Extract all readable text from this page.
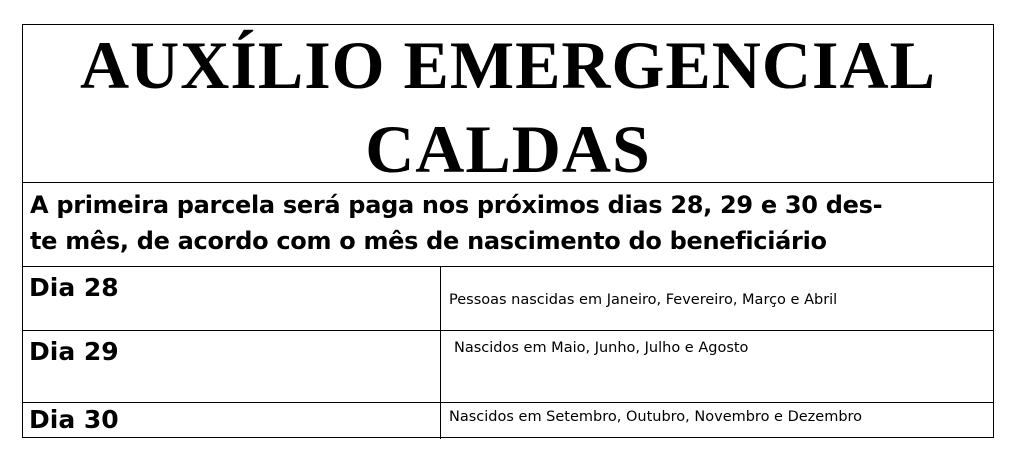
AUXÍLIO EMERGENCIAL
CALDAS
A primeira parcela será paga nos próximos dias 28, 29 e 30 des-
te mês, de acordo com o mês de nascimento do beneficiário
Dia 28	Pessoas nascidas em Janeiro, Fevereiro, Março e Abril
Dia 29	Nascidos em Maio, Junho, Julho e Agosto
Dia 30	Nascidos em Setembro, Outubro, Novembro e Dezembro
